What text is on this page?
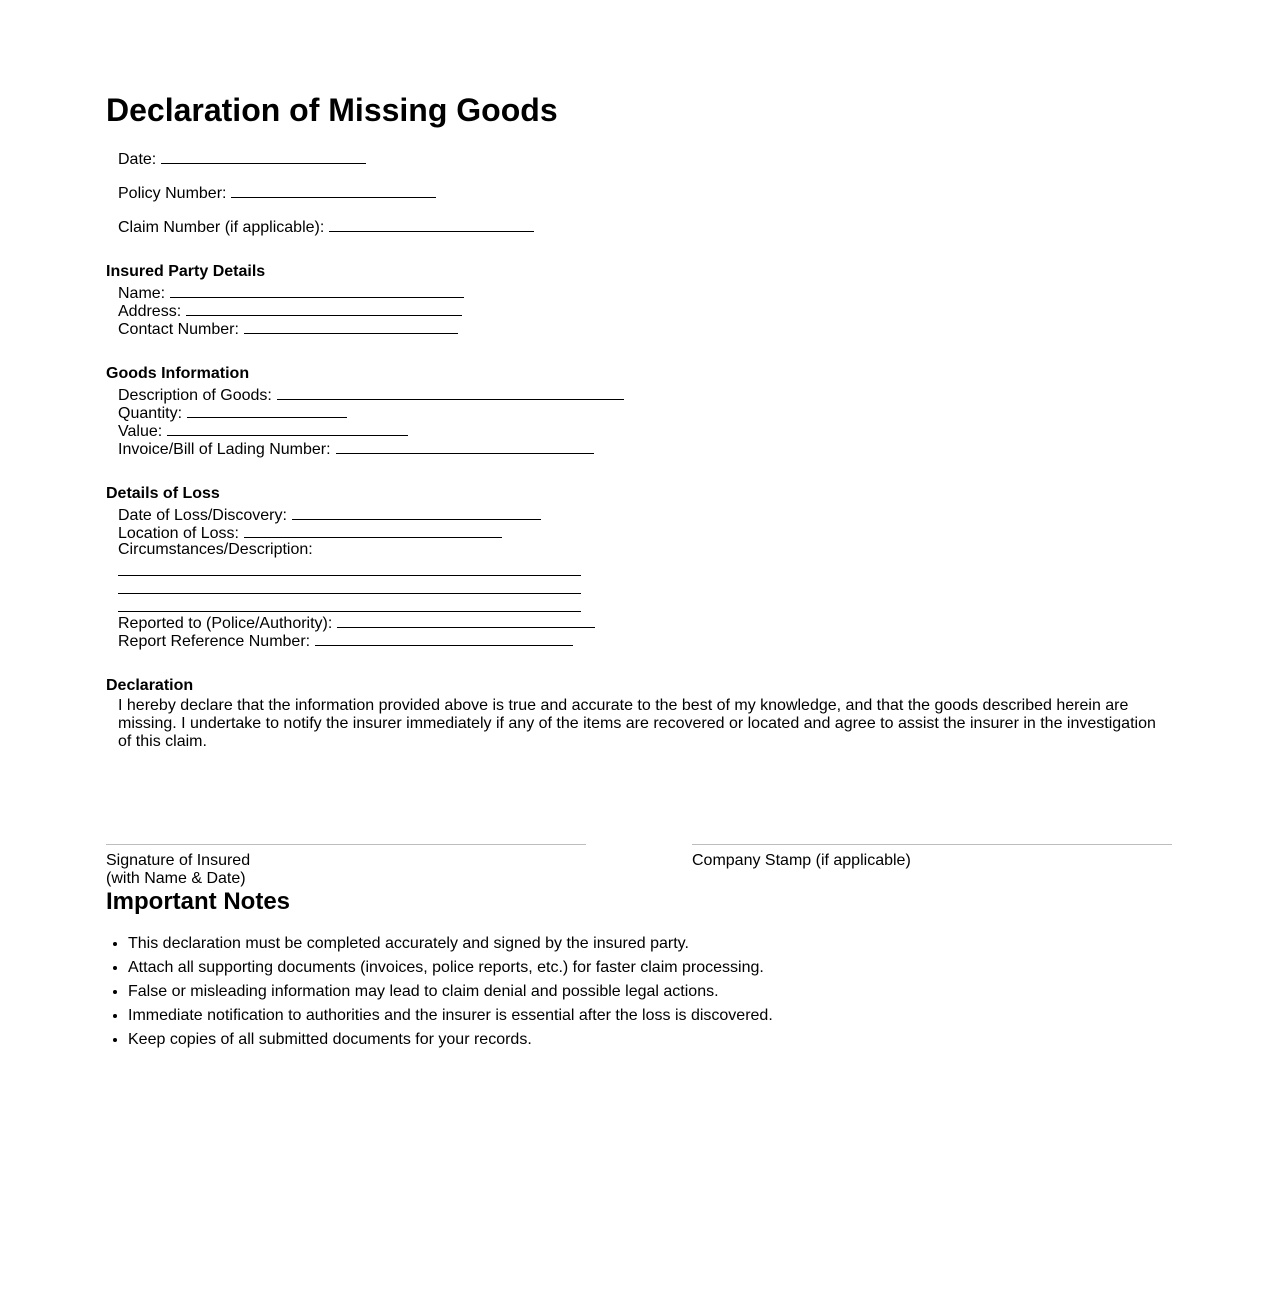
Declaration of Missing Goods
Date:
Policy Number:
Claim Number (if applicable):
Insured Party Details
Name:
Address:
Contact Number:
Goods Information
Description of Goods:
Quantity:
Value:
Invoice/Bill of Lading Number:
Details of Loss
Date of Loss/Discovery:
Location of Loss:
Circumstances/Description:
Reported to (Police/Authority):
Report Reference Number:
Declaration
I hereby declare that the information provided above is true and accurate to the best of my knowledge, and that the goods described herein are missing. I undertake to notify the insurer immediately if any of the items are recovered or located and agree to assist the insurer in the investigation of this claim.
Signature of Insured
(with Name & Date)
Company Stamp (if applicable)
Important Notes
• This declaration must be completed accurately and signed by the insured party.
• Attach all supporting documents (invoices, police reports, etc.) for faster claim processing.
• False or misleading information may lead to claim denial and possible legal actions.
• Immediate notification to authorities and the insurer is essential after the loss is discovered.
• Keep copies of all submitted documents for your records.
